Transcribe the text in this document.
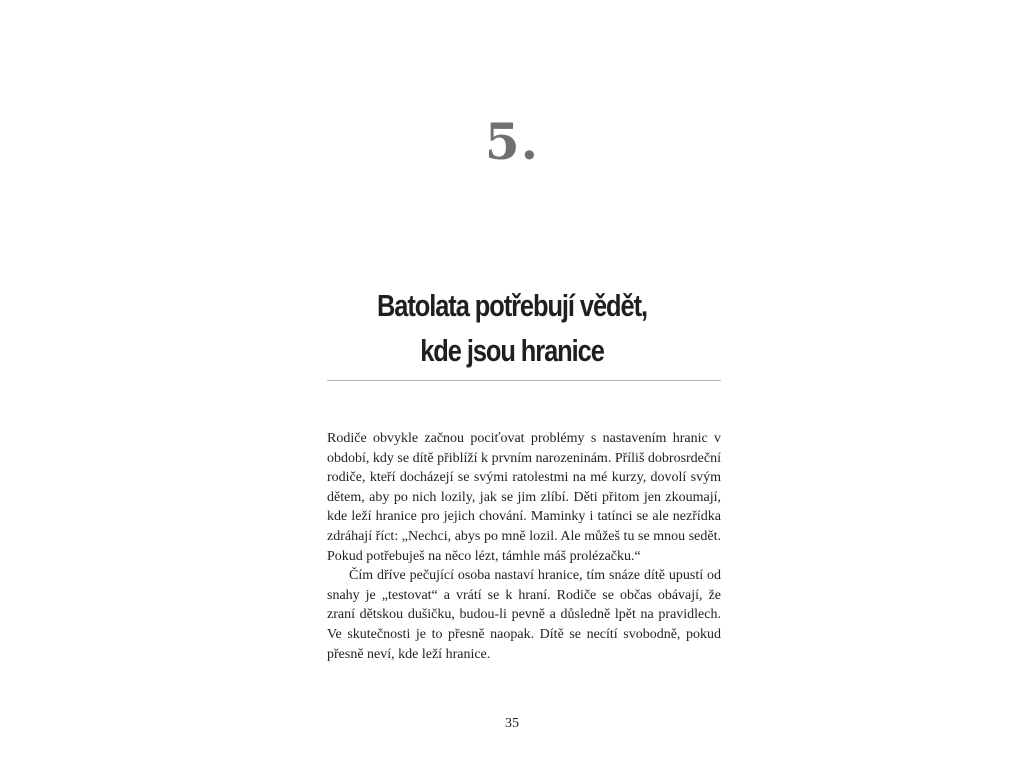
5.
Batolata potřebují vědět,
kde jsou hranice

Rodiče obvykle začnou pociťovat problémy s nastavením hranic v období, kdy se dítě přiblíží k prvním narozeninám. Příliš dobrosrdeční rodiče, kteří docházejí se svými ratolestmi na mé kurzy, dovolí svým dětem, aby po nich lozily, jak se jim zlíbí. Děti přitom jen zkoumají, kde leží hranice pro jejich chování. Maminky i tatínci se ale nezřídka zdráhají říct: „Nechci, abys po mně lozil. Ale můžeš tu se mnou sedět. Pokud potřebuješ na něco lézt, támhle máš prolézačku.“

Čím dříve pečující osoba nastaví hranice, tím snáze dítě upustí od snahy je „testovat“ a vrátí se k hraní. Rodiče se občas obávají, že zraní dětskou dušičku, budou-li pevně a důsledně lpět na pravidlech. Ve skutečnosti je to přesně naopak. Dítě se necítí svobodně, pokud přesně neví, kde leží hranice.

35
